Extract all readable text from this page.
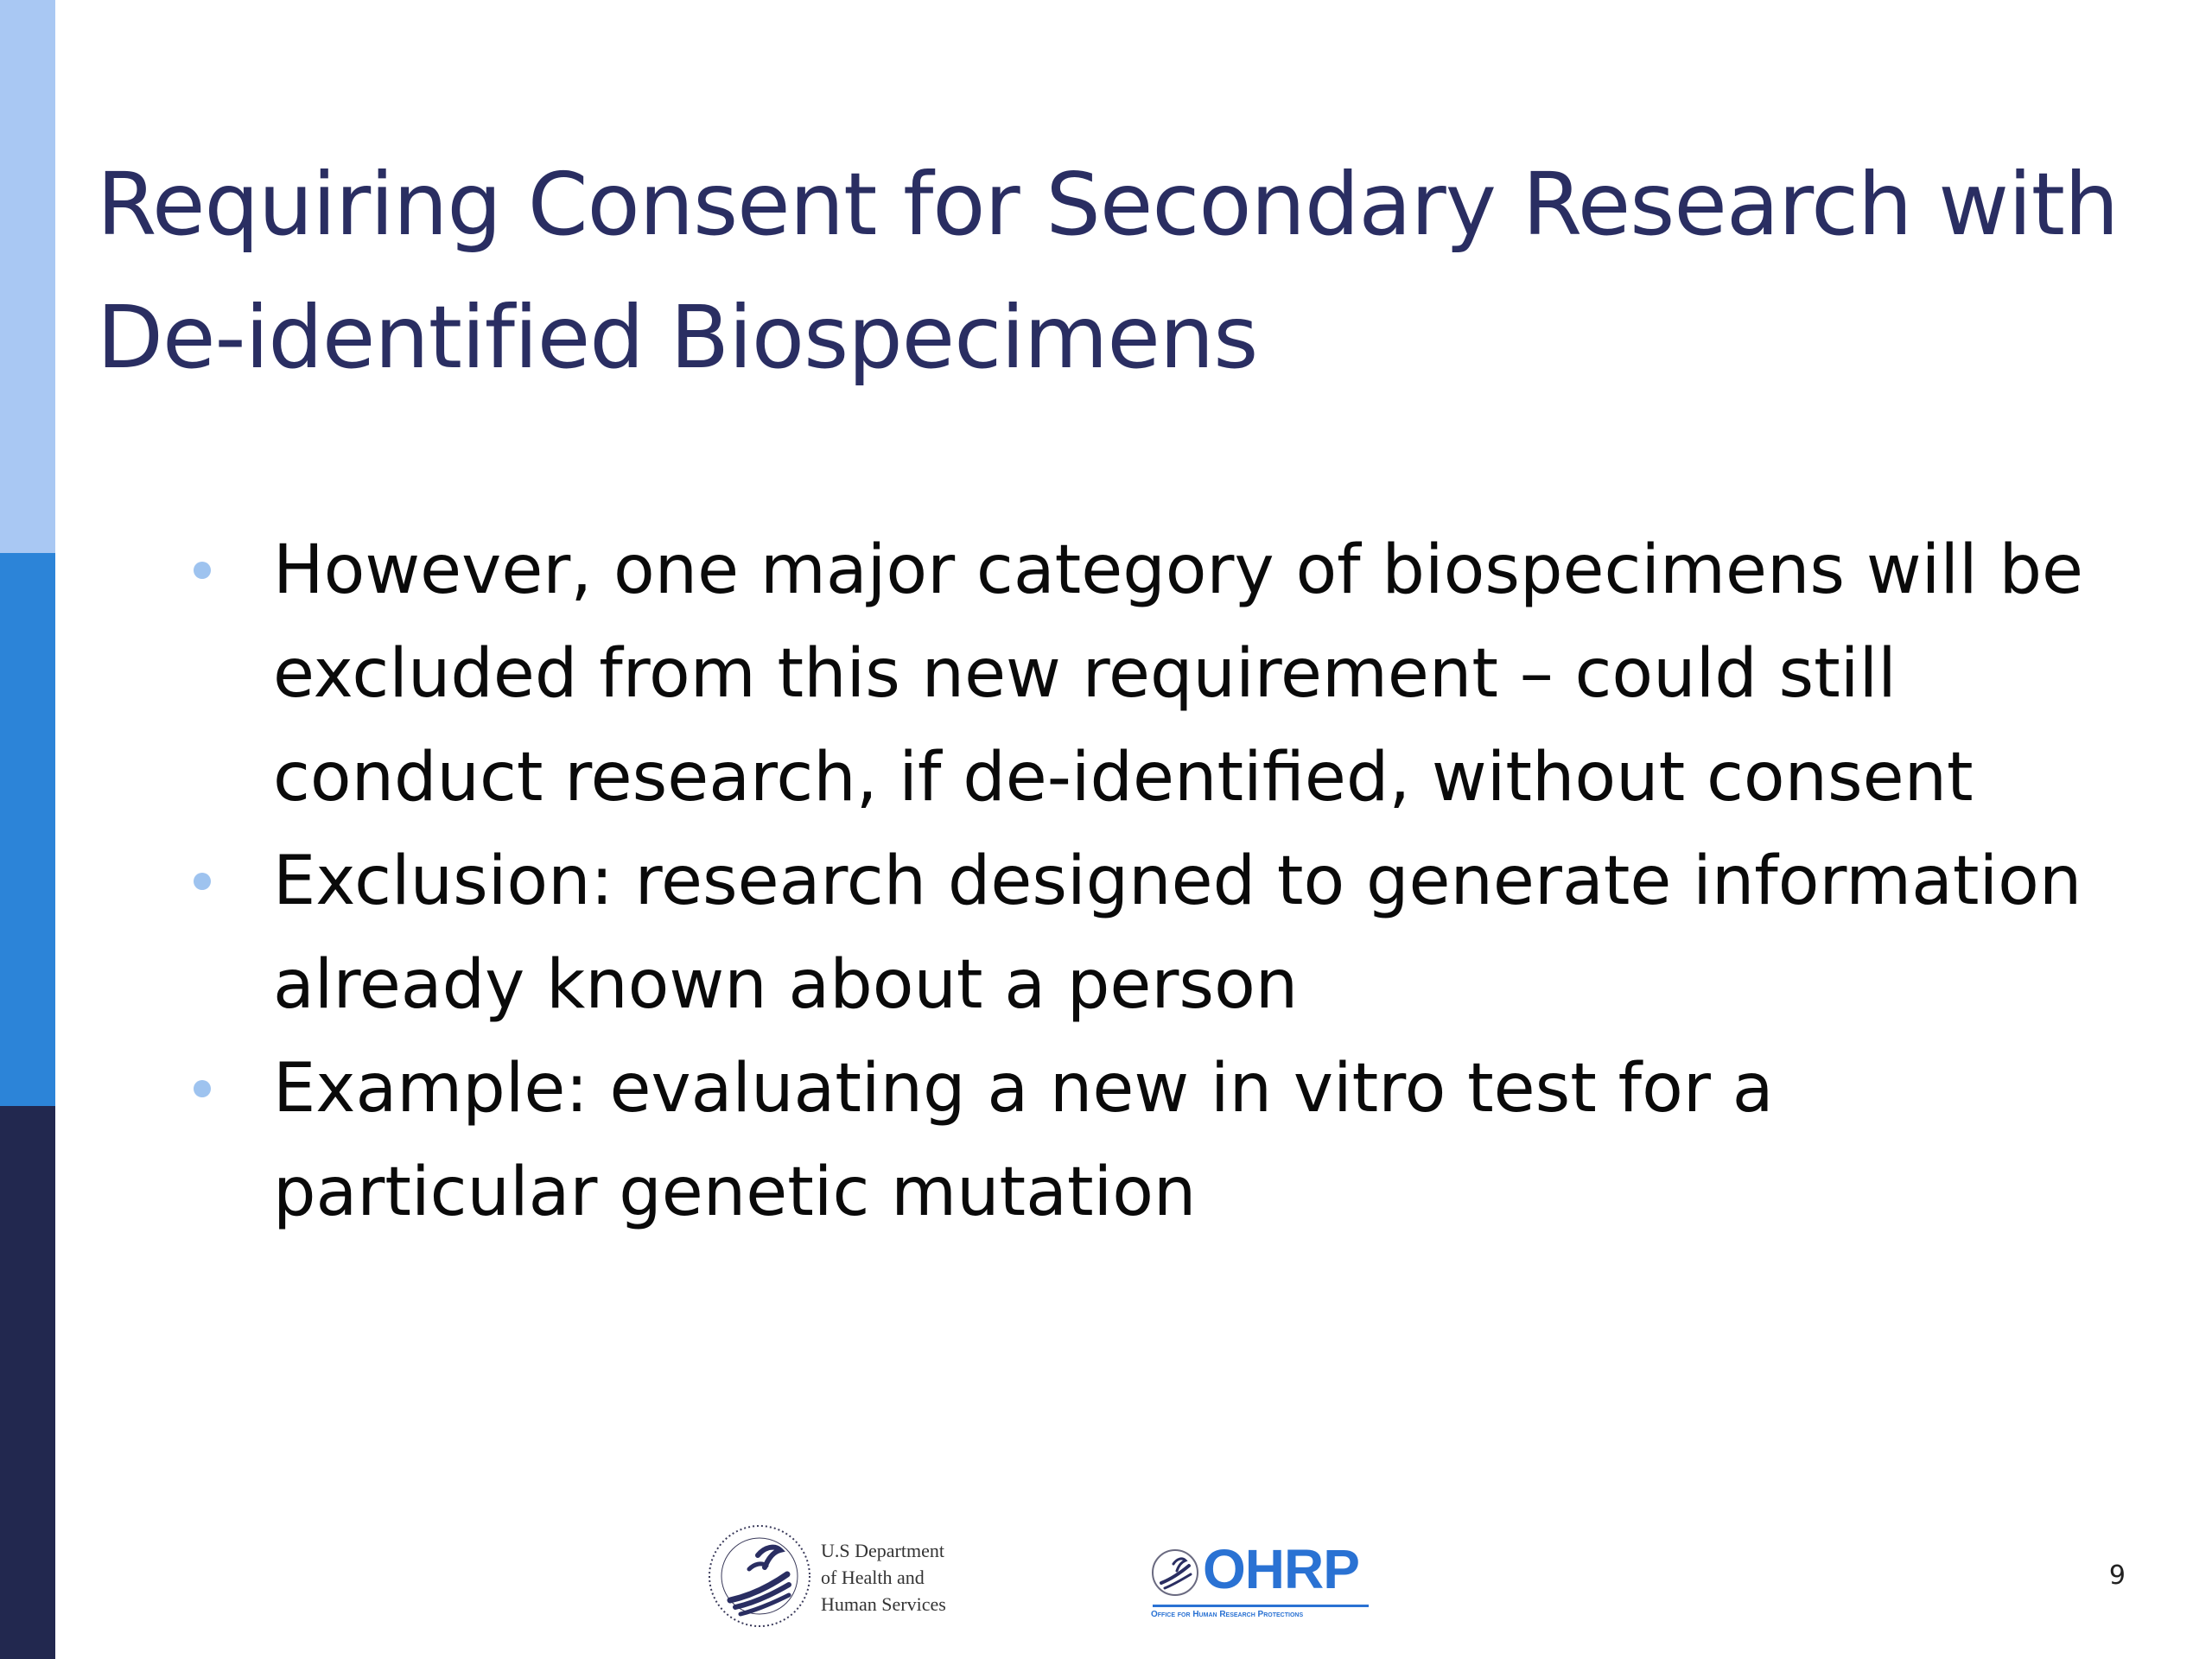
Requiring Consent for Secondary Research with De-identified Biospecimens
However, one major category of biospecimens will be excluded from this new requirement – could still conduct research, if de-identified, without consent
Exclusion: research designed to generate information already known about a person
Example: evaluating a new in vitro test for a particular genetic mutation
U.S Department
of Health and
Human Services
OHRP
Office for Human Research Protections
9
